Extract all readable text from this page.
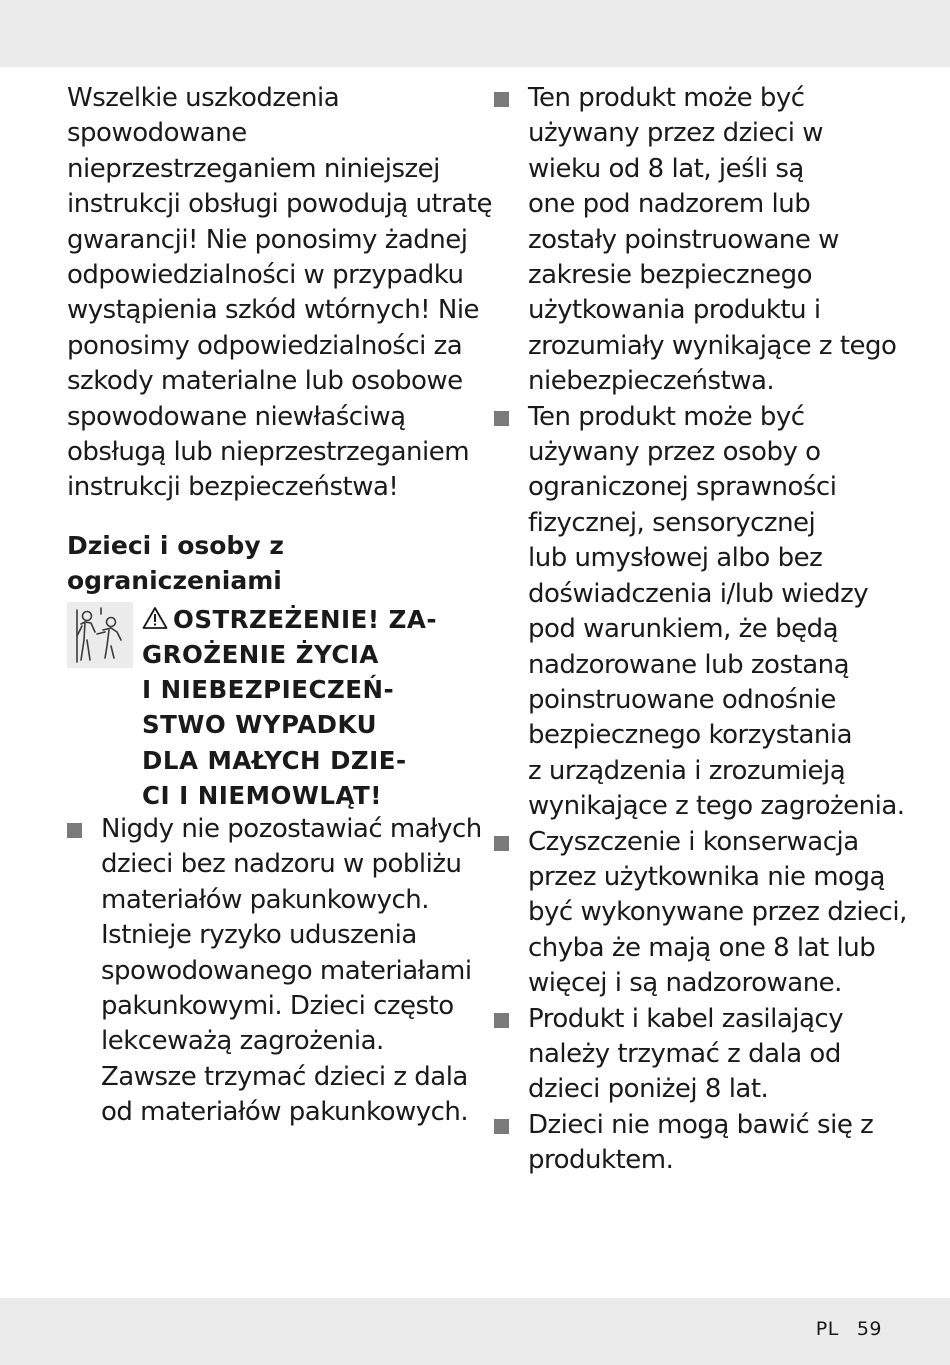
Wszelkie uszkodzenia
spowodowane
nieprzestrzeganiem niniejszej
instrukcji obsługi powodują utratę
gwarancji! Nie ponosimy żadnej
odpowiedzialności w przypadku
wystąpienia szkód wtórnych! Nie
ponosimy odpowiedzialności za
szkody materialne lub osobowe
spowodowane niewłaściwą
obsługą lub nieprzestrzeganiem
instrukcji bezpieczeństwa!

Dzieci i osoby z
ograniczeniami
OSTRZEŻENIE! ZA-
GROŻENIE ŻYCIA
I NIEBEZPIECZEŃ-
STWO WYPADKU
DLA MAŁYCH DZIE-
CI I NIEMOWLĄT!
Nigdy nie pozostawiać małych
dzieci bez nadzoru w pobliżu
materiałów pakunkowych.
Istnieje ryzyko uduszenia
spowodowanego materiałami
pakunkowymi. Dzieci często
lekceważą zagrożenia.
Zawsze trzymać dzieci z dala
od materiałów pakunkowych.
Ten produkt może być
używany przez dzieci w
wieku od 8 lat, jeśli są
one pod nadzorem lub
zostały poinstruowane w
zakresie bezpiecznego
użytkowania produktu i
zrozumiały wynikające z tego
niebezpieczeństwa.
Ten produkt może być
używany przez osoby o
ograniczonej sprawności
fizycznej, sensorycznej
lub umysłowej albo bez
doświadczenia i/lub wiedzy
pod warunkiem, że będą
nadzorowane lub zostaną
poinstruowane odnośnie
bezpiecznego korzystania
z urządzenia i zrozumieją
wynikające z tego zagrożenia.
Czyszczenie i konserwacja
przez użytkownika nie mogą
być wykonywane przez dzieci,
chyba że mają one 8 lat lub
więcej i są nadzorowane.
Produkt i kabel zasilający
należy trzymać z dala od
dzieci poniżej 8 lat.
Dzieci nie mogą bawić się z
produktem.
PL 59
